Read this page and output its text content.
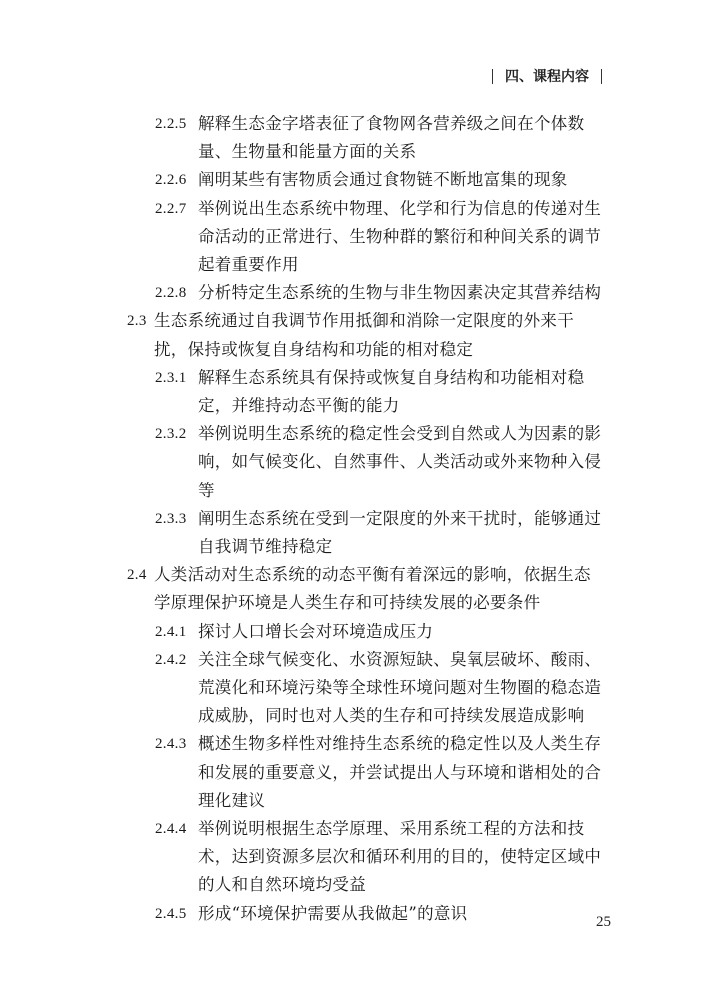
四、课程内容
2.2.5 解释生态金字塔表征了食物网各营养级之间在个体数量、生物量和能量方面的关系
2.2.6 阐明某些有害物质会通过食物链不断地富集的现象
2.2.7 举例说出生态系统中物理、化学和行为信息的传递对生命活动的正常进行、生物种群的繁衍和种间关系的调节起着重要作用
2.2.8 分析特定生态系统的生物与非生物因素决定其营养结构
2.3 生态系统通过自我调节作用抵御和消除一定限度的外来干扰，保持或恢复自身结构和功能的相对稳定
2.3.1 解释生态系统具有保持或恢复自身结构和功能相对稳定，并维持动态平衡的能力
2.3.2 举例说明生态系统的稳定性会受到自然或人为因素的影响，如气候变化、自然事件、人类活动或外来物种入侵等
2.3.3 阐明生态系统在受到一定限度的外来干扰时，能够通过自我调节维持稳定
2.4 人类活动对生态系统的动态平衡有着深远的影响，依据生态学原理保护环境是人类生存和可持续发展的必要条件
2.4.1 探讨人口增长会对环境造成压力
2.4.2 关注全球气候变化、水资源短缺、臭氧层破坏、酸雨、荒漠化和环境污染等全球性环境问题对生物圈的稳态造成威胁，同时也对人类的生存和可持续发展造成影响
2.4.3 概述生物多样性对维持生态系统的稳定性以及人类生存和发展的重要意义，并尝试提出人与环境和谐相处的合理化建议
2.4.4 举例说明根据生态学原理、采用系统工程的方法和技术，达到资源多层次和循环利用的目的，使特定区域中的人和自然环境均受益
2.4.5 形成“环境保护需要从我做起”的意识	25
